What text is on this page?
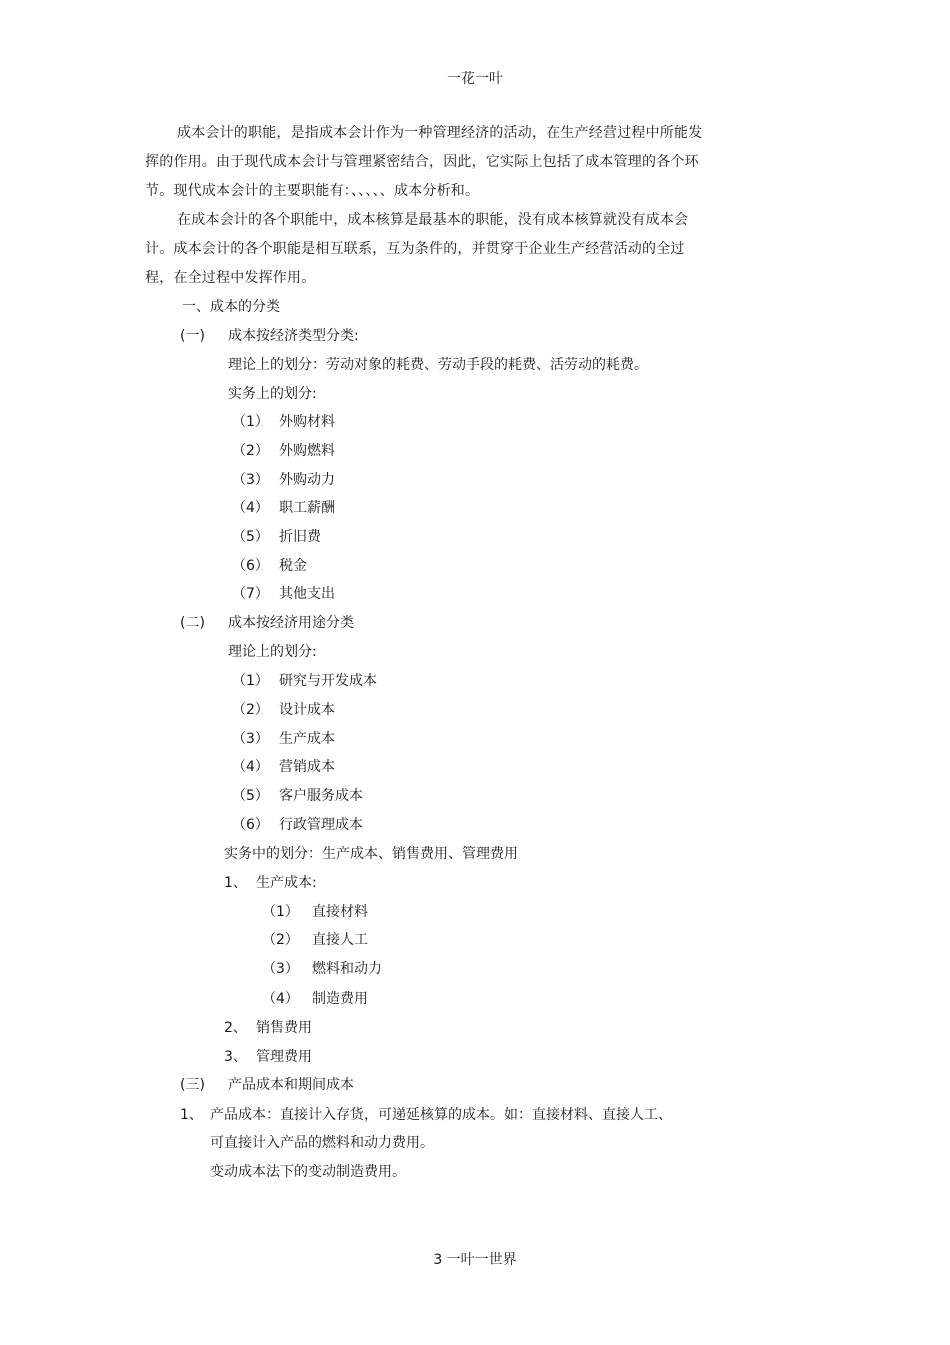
一花一叶

成本会计的职能，是指成本会计作为一种管理经济的活动，在生产经营过程中所能发挥的作用。由于现代成本会计与管理紧密结合，因此，它实际上包括了成本管理的各个环节。现代成本会计的主要职能有：、、、、、成本分析和。

在成本会计的各个职能中，成本核算是最基本的职能，没有成本核算就没有成本会计。成本会计的各个职能是相互联系，互为条件的，并贯穿于企业生产经营活动的全过程，在全过程中发挥作用。

一、成本的分类
(一) 成本按经济类型分类:
理论上的划分：劳动对象的耗费、劳动手段的耗费、活劳动的耗费。
实务上的划分:
（1） 外购材料
（2） 外购燃料
（3） 外购动力
（4） 职工薪酬
（5） 折旧费
（6） 税金
（7） 其他支出
(二) 成本按经济用途分类
理论上的划分:
（1） 研究与开发成本
（2） 设计成本
（3） 生产成本
（4） 营销成本
（5） 客户服务成本
（6） 行政管理成本
实务中的划分：生产成本、销售费用、管理费用
1、 生产成本:
（1） 直接材料
（2） 直接人工
（3） 燃料和动力
（4） 制造费用
2、 销售费用
3、 管理费用
(三) 产品成本和期间成本
1、 产品成本：直接计入存货，可递延核算的成本。如：直接材料、直接人工、
可直接计入产品的燃料和动力费用。
变动成本法下的变动制造费用。
3 一叶一世界
